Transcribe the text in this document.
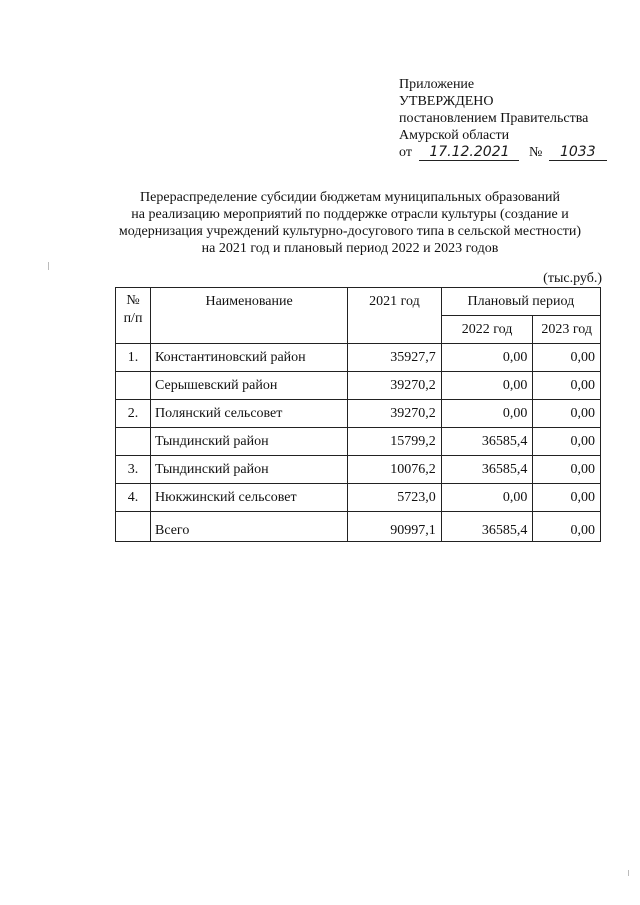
Приложение
УТВЕРЖДЕНО
постановлением Правительства
Амурской области
от 17.12.2021 № 1033
Перераспределение субсидии бюджетам муниципальных образований
на реализацию мероприятий по поддержке отрасли культуры (создание и
модернизация учреждений культурно-досугового типа в сельской местности)
на 2021 год и плановый период 2022 и 2023 годов
(тыс.руб.)
№ п/п	Наименование	2021 год	Плановый период	
			2022 год	2023 год
1.	Константиновский район	35927,7	0,00	0,00
	Серышевский район	39270,2	0,00	0,00
2.	Полянский сельсовет	39270,2	0,00	0,00
	Тындинский район	15799,2	36585,4	0,00
3.	Тындинский район	10076,2	36585,4	0,00
4.	Нюкжинский сельсовет	5723,0	0,00	0,00
	Всего	90997,1	36585,4	0,00
